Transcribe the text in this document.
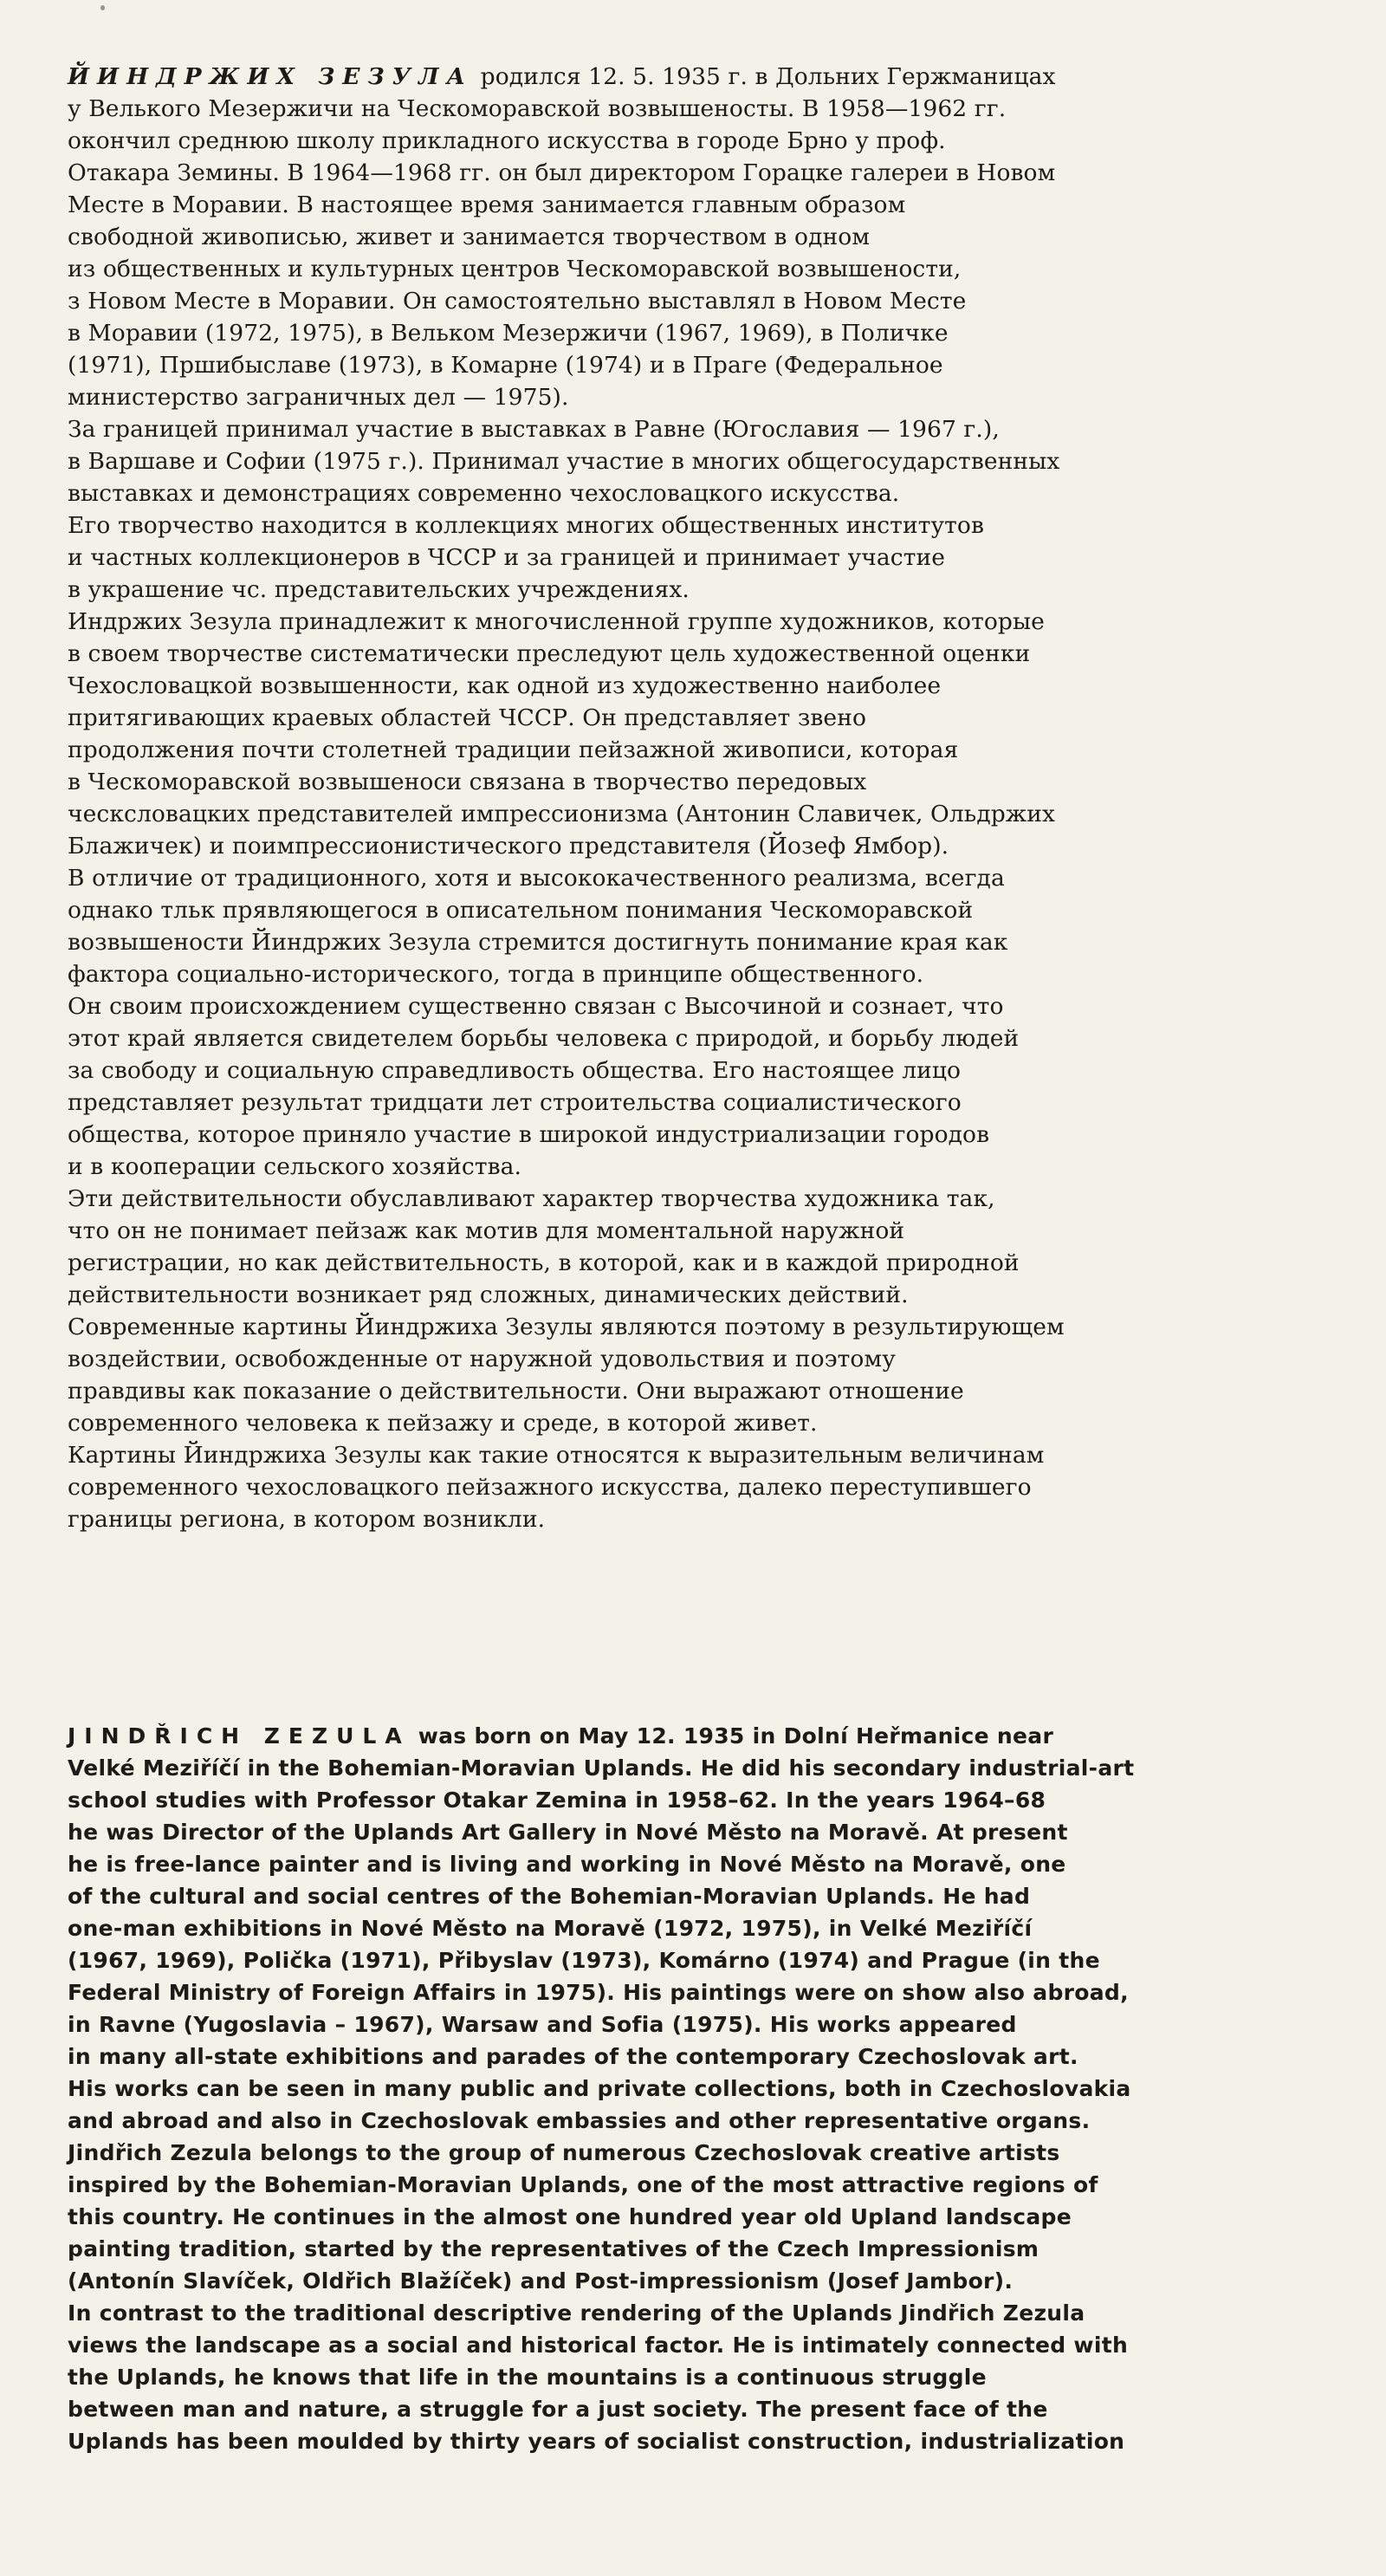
ЙИНДРЖИХ ЗЕЗУЛА родился 12. 5. 1935 г. в Дольних Гержманицах
у Велького Мезержичи на Ческоморавской возвышеносты. В 1958—1962 гг.
окончил среднюю школу прикладного искусства в городе Брно у проф.
Отакара Земины. В 1964—1968 гг. он был директором Горацке галереи в Новом
Месте в Моравии. В настоящее время занимается главным образом
свободной живописью, живет и занимается творчеством в одном
из общественных и культурных центров Ческоморавской возвышености,
з Новом Месте в Моравии. Он самостоятельно выставлял в Новом Месте
в Моравии (1972, 1975), в Вельком Мезержичи (1967, 1969), в Поличке
(1971), Пршибыславе (1973), в Комарне (1974) и в Праге (Федеральное
министерство заграничных дел — 1975).
За границей принимал участие в выставках в Равне (Югославия — 1967 г.),
в Варшаве и Софии (1975 г.). Принимал участие в многих общегосударственных
выставках и демонстрациях современно чехословацкого искусства.
Его творчество находится в коллекциях многих общественных институтов
и частных коллекционеров в ЧССР и за границей и принимает участие
в украшение чс. представительских учреждениях.
Индржих Зезула принадлежит к многочисленной группе художников, которые
в своем творчестве систематически преследуют цель художественной оценки
Чехословацкой возвышенности, как одной из художественно наиболее
притягивающих краевых областей ЧССР. Он представляет звено
продолжения почти столетней традиции пейзажной живописи, которая
в Ческоморавской возвышеноси связана в творчество передовых
ческсловацких представителей импрессионизма (Антонин Славичек, Ольдржих
Блажичек) и поимпрессионистического представителя (Йозеф Ямбор).
В отличие от традиционного, хотя и высококачественного реализма, всегда
однако тльк прявляющегося в описательном понимания Ческоморавской
возвышености Йиндржих Зезула стремится достигнуть понимание края как
фактора социально-исторического, тогда в принципе общественного.
Он своим происхождением существенно связан с Высочиной и сознает, что
этот край является свидетелем борьбы человека с природой, и борьбу людей
за свободу и социальную справедливость общества. Его настоящее лицо
представляет результат тридцати лет строительства социалистического
общества, которое приняло участие в широкой индустриализации городов
и в кооперации сельского хозяйства.
Эти действительности обуславливают характер творчества художника так,
что он не понимает пейзаж как мотив для моментальной наружной
регистрации, но как действительность, в которой, как и в каждой природной
действительности возникает ряд сложных, динамических действий.
Современные картины Йиндржиха Зезулы являются поэтому в результирующем
воздействии, освобожденные от наружной удовольствия и поэтому
правдивы как показание о действительности. Они выражают отношение
современного человека к пейзажу и среде, в которой живет.
Картины Йиндржиха Зезулы как такие относятся к выразительным величинам
современного чехословацкого пейзажного искусства, далеко переступившего
границы региона, в котором возникли.
JINDŘICH ZEZULA was born on May 12. 1935 in Dolní Heřmanice near
Velké Meziříčí in the Bohemian-Moravian Uplands. He did his secondary industrial-art
school studies with Professor Otakar Zemina in 1958–62. In the years 1964–68
he was Director of the Uplands Art Gallery in Nové Město na Moravě. At present
he is free-lance painter and is living and working in Nové Město na Moravě, one
of the cultural and social centres of the Bohemian-Moravian Uplands. He had
one-man exhibitions in Nové Město na Moravě (1972, 1975), in Velké Meziříčí
(1967, 1969), Polička (1971), Přibyslav (1973), Komárno (1974) and Prague (in the
Federal Ministry of Foreign Affairs in 1975). His paintings were on show also abroad,
in Ravne (Yugoslavia – 1967), Warsaw and Sofia (1975). His works appeared
in many all-state exhibitions and parades of the contemporary Czechoslovak art.
His works can be seen in many public and private collections, both in Czechoslovakia
and abroad and also in Czechoslovak embassies and other representative organs.
Jindřich Zezula belongs to the group of numerous Czechoslovak creative artists
inspired by the Bohemian-Moravian Uplands, one of the most attractive regions of
this country. He continues in the almost one hundred year old Upland landscape
painting tradition, started by the representatives of the Czech Impressionism
(Antonín Slavíček, Oldřich Blažíček) and Post-impressionism (Josef Jambor).
In contrast to the traditional descriptive rendering of the Uplands Jindřich Zezula
views the landscape as a social and historical factor. He is intimately connected with
the Uplands, he knows that life in the mountains is a continuous struggle
between man and nature, a struggle for a just society. The present face of the
Uplands has been moulded by thirty years of socialist construction, industrialization
